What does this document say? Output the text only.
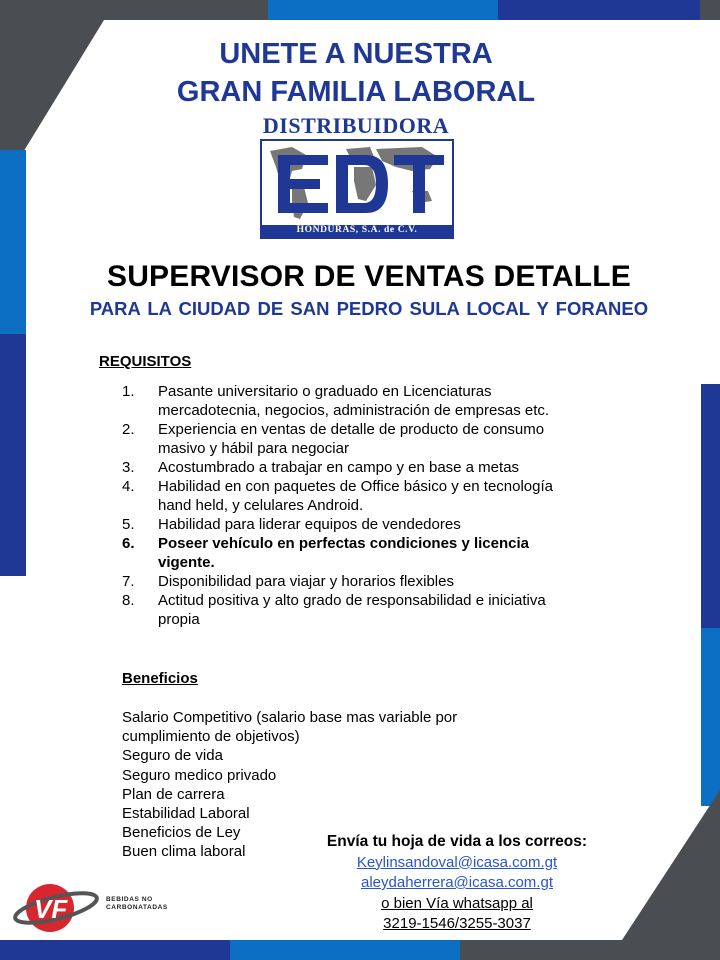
UNETE A NUESTRA
GRAN FAMILIA LABORAL
DISTRIBUIDORA
HONDURAS, S.A. de C.V.
SUPERVISOR DE VENTAS DETALLE
PARA LA CIUDAD DE SAN PEDRO SULA LOCAL Y FORANEO
REQUISITOS
1. Pasante universitario o graduado en Licenciaturas mercadotecnia, negocios, administración de empresas etc.
2. Experiencia en ventas de detalle de producto de consumo masivo y hábil para negociar
3. Acostumbrado a trabajar en campo y en base a metas
4. Habilidad en con paquetes de Office básico y en tecnología hand held, y celulares Android.
5. Habilidad para liderar equipos de vendedores
6. Poseer vehículo en perfectas condiciones y licencia vigente.
7. Disponibilidad para viajar y horarios flexibles
8. Actitud positiva y alto grado de responsabilidad e iniciativa propia
Beneficios
Salario Competitivo (salario base mas variable por cumplimiento de objetivos)
Seguro de vida
Seguro medico privado
Plan de carrera
Estabilidad Laboral
Beneficios de Ley
Buen clima laboral
Envía tu hoja de vida a los correos:
Keylinsandoval@icasa.com.gt
aleydaherrera@icasa.com.gt
o bien Vía whatsapp al
3219-1546/3255-3037
VF	BEBIDAS NO
CARBONATADAS
